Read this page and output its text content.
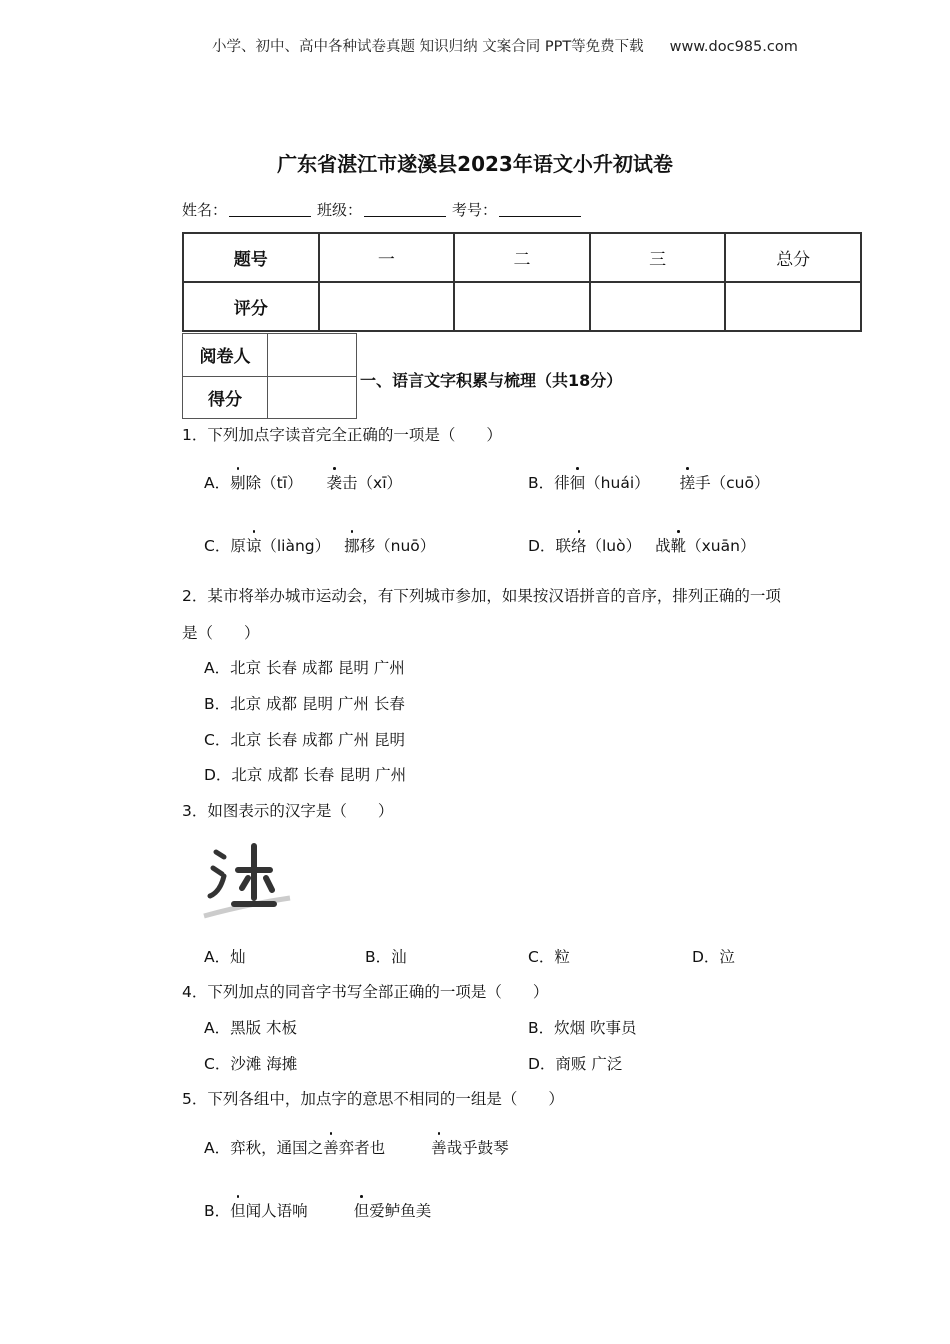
小学、初中、高中各种试卷真题 知识归纳 文案合同 PPT等免费下载 www.doc985.com
广东省湛江市遂溪县2023年语文小升初试卷
姓名：	班级：	考号：
题号	一	二	三	总分
评分				
阅卷人	
得分	
一、语言文字积累与梳理（共18分）
1．下列加点字读音完全正确的一项是（　　）
A．剔除（tī） 袭击（xī）	B．徘徊（huái） 搓手（cuō）
C．原谅（liàng） 挪移（nuō）	D．联络（luò） 战靴（xuān）
2．某市将举办城市运动会，有下列城市参加，如果按汉语拼音的音序，排列正确的一项
是（　　）
A．北京 长春 成都 昆明 广州
B．北京 成都 昆明 广州 长春
C．北京 长春 成都 广州 昆明
D．北京 成都 长春 昆明 广州
3．如图表示的汉字是（　　）
A．灿	B．汕	C．粒	D．泣
4．下列加点的同音字书写全部正确的一项是（　　）
A．黑版 木板	B．炊烟 吹事员
C．沙滩 海摊	D．商贩 广泛
5．下列各组中，加点字的意思不相同的一组是（　　）
A．弈秋，通国之善弈者也	善哉乎鼓琴
B．但闻人语响	但爱鲈鱼美
